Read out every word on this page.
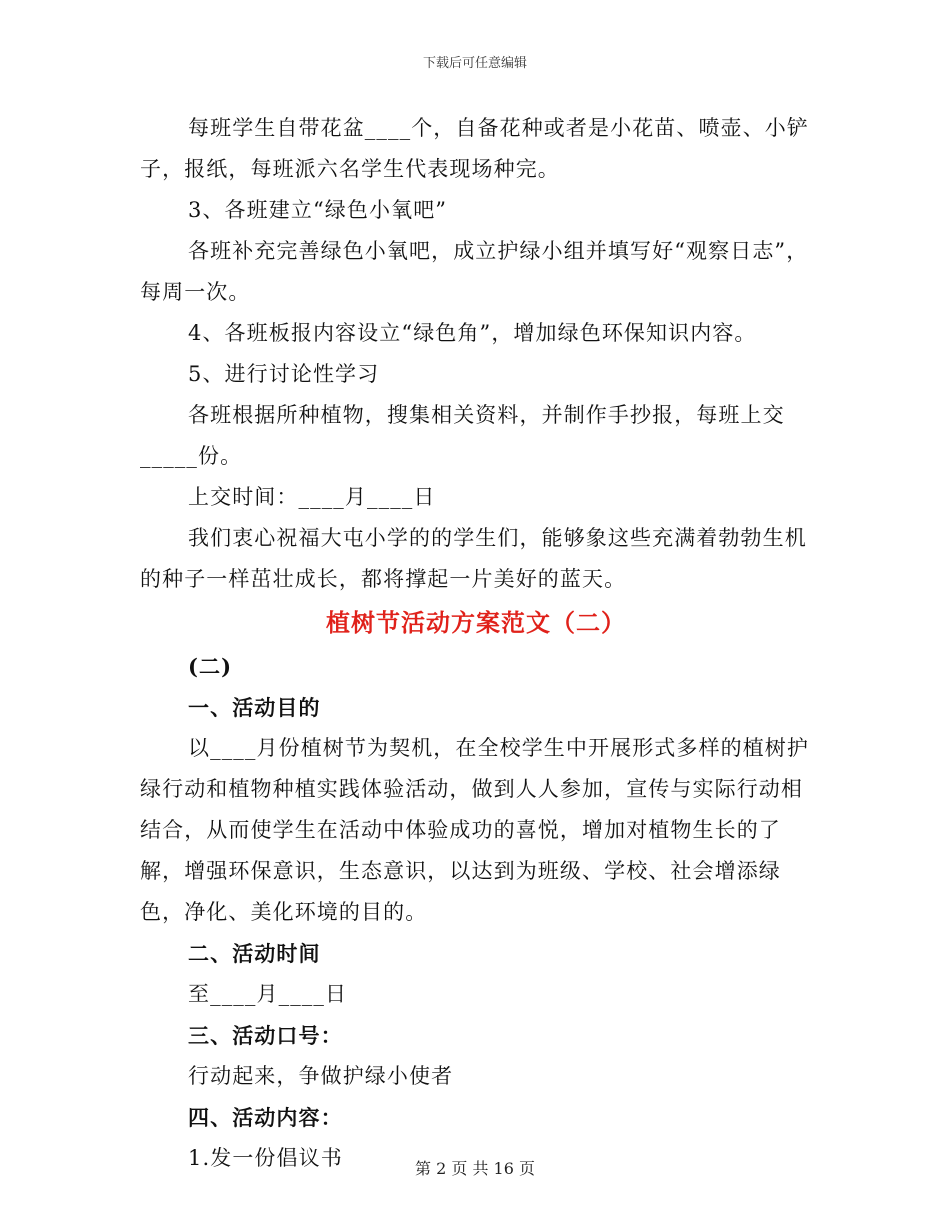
下载后可任意编辑

每班学生自带花盆____个，自备花种或者是小花苗、喷壶、小铲子，报纸，每班派六名学生代表现场种完。

3、各班建立“绿色小氧吧”

各班补充完善绿色小氧吧，成立护绿小组并填写好“观察日志”，每周一次。

4、各班板报内容设立“绿色角”，增加绿色环保知识内容。

5、进行讨论性学习

各班根据所种植物，搜集相关资料，并制作手抄报，每班上交_____份。

上交时间：____月____日

我们衷心祝福大屯小学的的学生们，能够象这些充满着勃勃生机的种子一样茁壮成长，都将撑起一片美好的蓝天。

植树节活动方案范文（二）

(二)

一、活动目的

以____月份植树节为契机，在全校学生中开展形式多样的植树护绿行动和植物种植实践体验活动，做到人人参加，宣传与实际行动相结合，从而使学生在活动中体验成功的喜悦，增加对植物生长的了解，增强环保意识，生态意识，以达到为班级、学校、社会增添绿色，净化、美化环境的目的。

二、活动时间

至____月____日

三、活动口号：

行动起来，争做护绿小使者

四、活动内容：

1.发一份倡议书	第 2 页 共 16 页
